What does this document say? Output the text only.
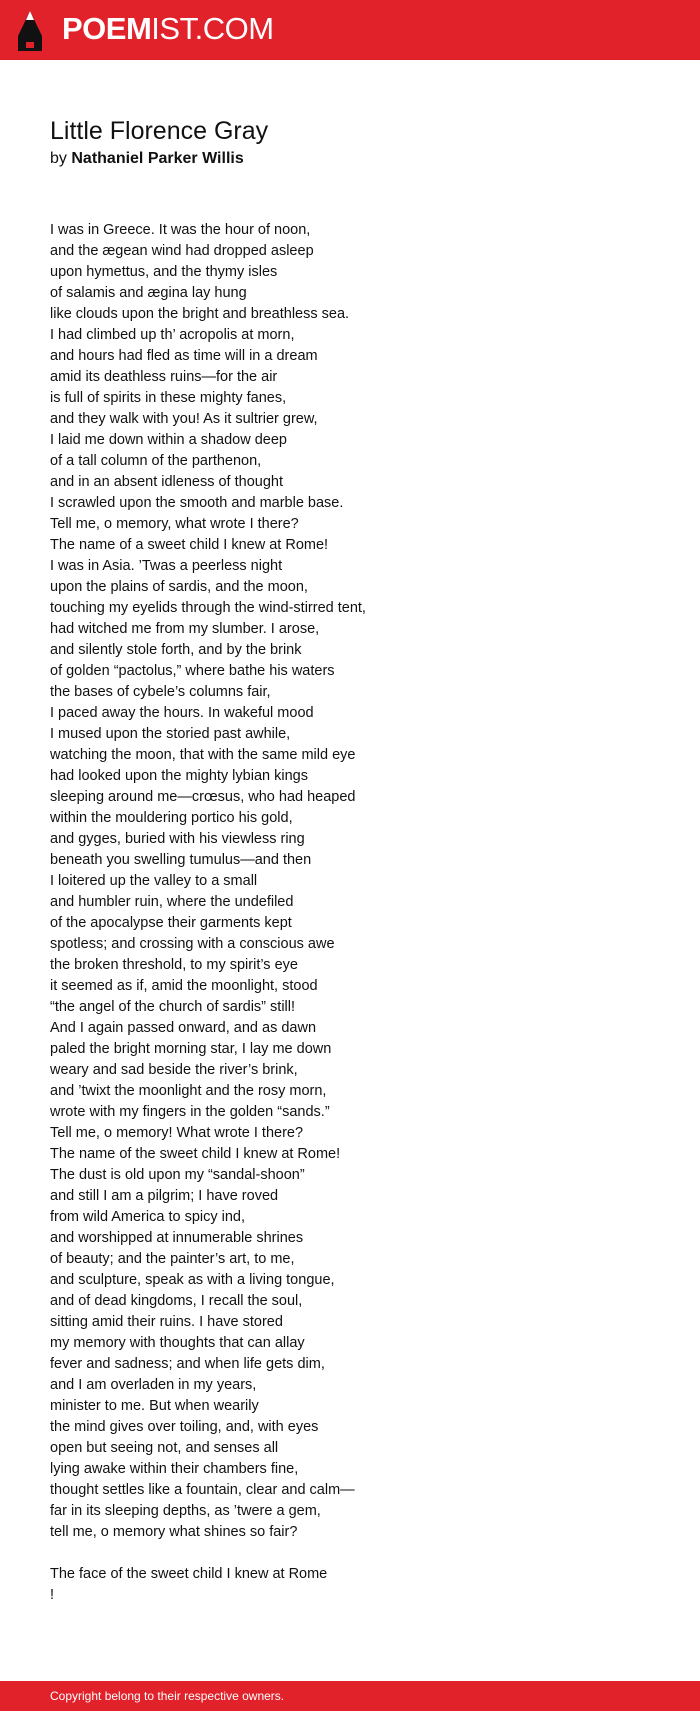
POEMIST.COM
Little Florence Gray
by Nathaniel Parker Willis
I was in Greece. It was the hour of noon,
and the ægean wind had dropped asleep
upon hymettus, and the thymy isles
of salamis and ægina lay hung
like clouds upon the bright and breathless sea.
I had climbed up th’ acropolis at morn,
and hours had fled as time will in a dream
amid its deathless ruins—for the air
is full of spirits in these mighty fanes,
and they walk with you! As it sultrier grew,
I laid me down within a shadow deep
of a tall column of the parthenon,
and in an absent idleness of thought
I scrawled upon the smooth and marble base.
Tell me, o memory, what wrote I there?
The name of a sweet child I knew at Rome!
I was in Asia. ’Twas a peerless night
upon the plains of sardis, and the moon,
touching my eyelids through the wind-stirred tent,
had witched me from my slumber. I arose,
and silently stole forth, and by the brink
of golden “pactolus,” where bathe his waters
the bases of cybele’s columns fair,
I paced away the hours. In wakeful mood
I mused upon the storied past awhile,
watching the moon, that with the same mild eye
had looked upon the mighty lybian kings
sleeping around me—crœsus, who had heaped
within the mouldering portico his gold,
and gyges, buried with his viewless ring
beneath you swelling tumulus—and then
I loitered up the valley to a small
and humbler ruin, where the undefiled
of the apocalypse their garments kept
spotless; and crossing with a conscious awe
the broken threshold, to my spirit’s eye
it seemed as if, amid the moonlight, stood
“the angel of the church of sardis” still!
And I again passed onward, and as dawn
paled the bright morning star, I lay me down
weary and sad beside the river’s brink,
and ’twixt the moonlight and the rosy morn,
wrote with my fingers in the golden “sands.”
Tell me, o memory! What wrote I there?
The name of the sweet child I knew at Rome!
The dust is old upon my “sandal-shoon”
and still I am a pilgrim; I have roved
from wild America to spicy ind,
and worshipped at innumerable shrines
of beauty; and the painter’s art, to me,
and sculpture, speak as with a living tongue,
and of dead kingdoms, I recall the soul,
sitting amid their ruins. I have stored
my memory with thoughts that can allay
fever and sadness; and when life gets dim,
and I am overladen in my years,
minister to me. But when wearily
the mind gives over toiling, and, with eyes
open but seeing not, and senses all
lying awake within their chambers fine,
thought settles like a fountain, clear and calm—
far in its sleeping depths, as ’twere a gem,
tell me, o memory what shines so fair?
The face of the sweet child I knew at Rome
!
Copyright belong to their respective owners.
